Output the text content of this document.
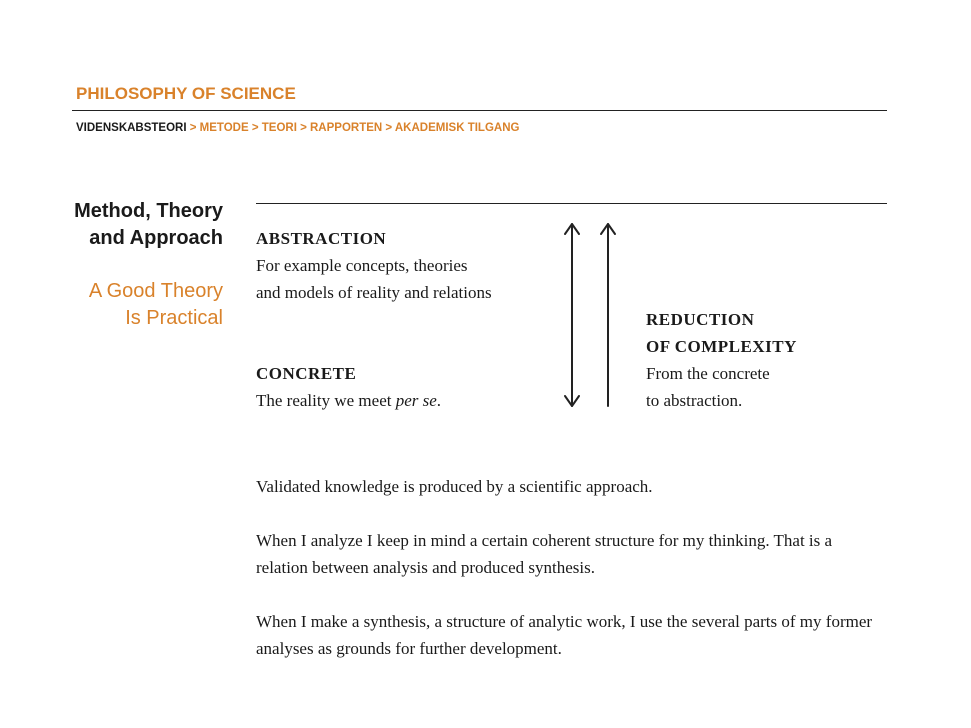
PHILOSOPHY OF SCIENCE
VIDENSKABSTEORI > METODE > TEORI > RAPPORTEN > AKADEMISK TILGANG
Method, Theory
and Approach
A Good Theory
Is Practical
ABSTRACTION
For example concepts, theories
and models of reality and relations
CONCRETE
The reality we meet per se.
REDUCTION
OF COMPLEXITY
From the concrete
to abstraction.

Validated knowledge is produced by a scientific approach.

When I analyze I keep in mind a certain coherent structure for my thinking. That is a relation between analysis and produced synthesis.

When I make a synthesis, a structure of analytic work, I use the several parts of my former analyses as grounds for further development.
